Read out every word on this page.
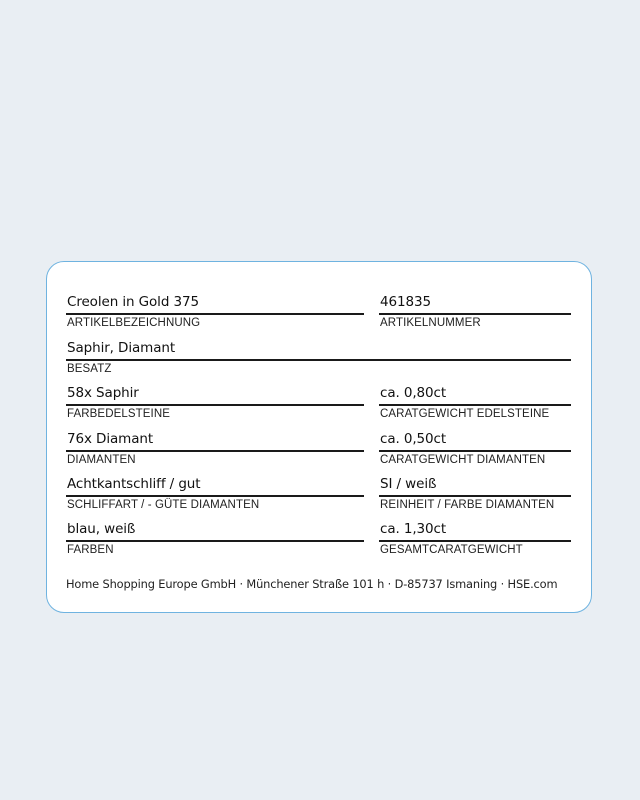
Creolen in Gold 375
ARTIKELBEZEICHNUNG
461835
ARTIKELNUMMER
Saphir, Diamant
BESATZ
58x Saphir
FARBEDELSTEINE
ca. 0,80ct
CARATGEWICHT EDELSTEINE
76x Diamant
DIAMANTEN
ca. 0,50ct
CARATGEWICHT DIAMANTEN
Achtkantschliff / gut
SCHLIFFART / - GÜTE DIAMANTEN
SI / weiß
REINHEIT / FARBE DIAMANTEN
blau, weiß
FARBEN
ca. 1,30ct
GESAMTCARATGEWICHT
Home Shopping Europe GmbH · Münchener Straße 101 h · D-85737 Ismaning · HSE.com
